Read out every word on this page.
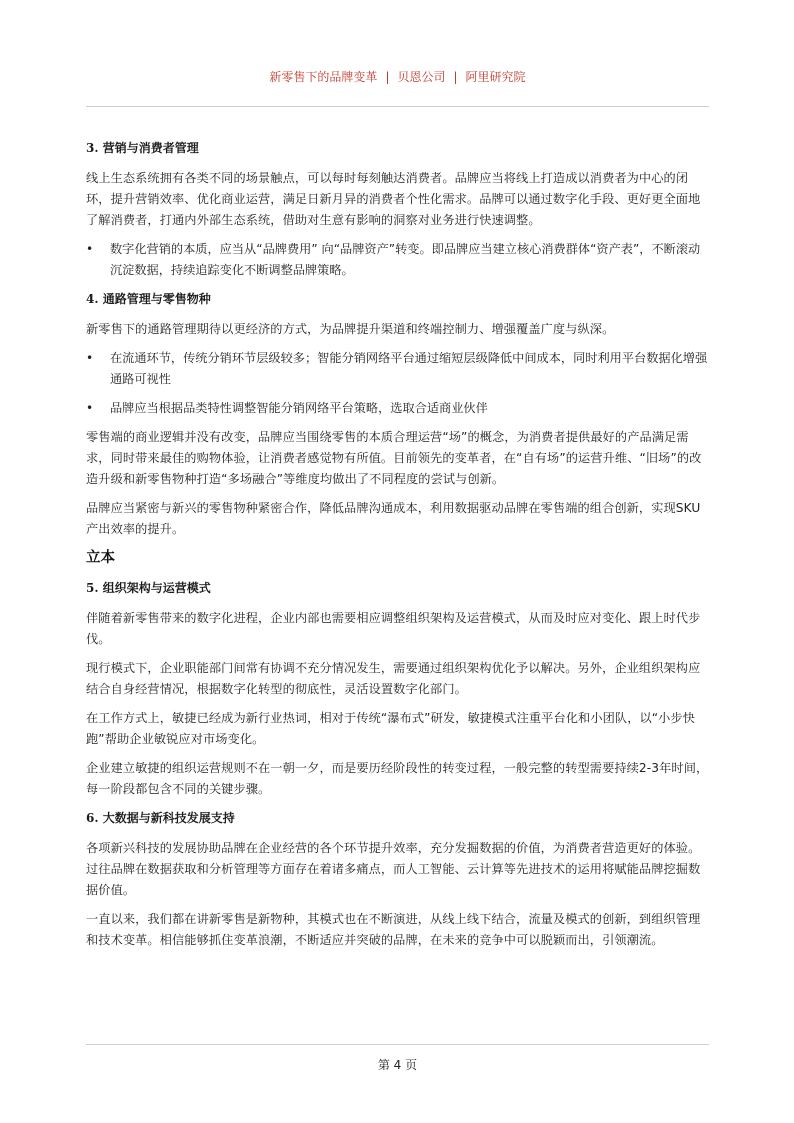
新零售下的品牌变革 | 贝恩公司 | 阿里研究院
3. 营销与消费者管理

线上生态系统拥有各类不同的场景触点，可以每时每刻触达消费者。品牌应当将线上打造成以消费者为中心的闭环，提升营销效率、优化商业运营，满足日新月异的消费者个性化需求。品牌可以通过数字化手段、更好更全面地了解消费者，打通内外部生态系统，借助对生意有影响的洞察对业务进行快速调整。

• 数字化营销的本质，应当从“品牌费用” 向“品牌资产”转变。即品牌应当建立核心消费群体“资产表”，不断滚动沉淀数据，持续追踪变化不断调整品牌策略。
4. 通路管理与零售物种

新零售下的通路管理期待以更经济的方式，为品牌提升渠道和终端控制力、增强覆盖广度与纵深。

• 在流通环节，传统分销环节层级较多；智能分销网络平台通过缩短层级降低中间成本，同时利用平台数据化增强通路可视性
• 品牌应当根据品类特性调整智能分销网络平台策略，选取合适商业伙伴

零售端的商业逻辑并没有改变，品牌应当围绕零售的本质合理运营“场”的概念，为消费者提供最好的产品满足需求，同时带来最佳的购物体验，让消费者感觉物有所值。目前领先的变革者，在“自有场”的运营升维、“旧场”的改造升级和新零售物种打造“多场融合”等维度均做出了不同程度的尝试与创新。

品牌应当紧密与新兴的零售物种紧密合作，降低品牌沟通成本，利用数据驱动品牌在零售端的组合创新，实现SKU产出效率的提升。

立本
5. 组织架构与运营模式

伴随着新零售带来的数字化进程，企业内部也需要相应调整组织架构及运营模式，从而及时应对变化、跟上时代步伐。

现行模式下，企业职能部门间常有协调不充分情况发生，需要通过组织架构优化予以解决。另外，企业组织架构应结合自身经营情况，根据数字化转型的彻底性，灵活设置数字化部门。

在工作方式上，敏捷已经成为新行业热词，相对于传统“瀑布式”研发，敏捷模式注重平台化和小团队，以“小步快跑”帮助企业敏锐应对市场变化。

企业建立敏捷的组织运营规则不在一朝一夕，而是要历经阶段性的转变过程，一般完整的转型需要持续2-3年时间，每一阶段都包含不同的关键步骤。

6. 大数据与新科技发展支持

各项新兴科技的发展协助品牌在企业经营的各个环节提升效率，充分发掘数据的价值，为消费者营造更好的体验。过往品牌在数据获取和分析管理等方面存在着诸多痛点，而人工智能、云计算等先进技术的运用将赋能品牌挖掘数据价值。

一直以来，我们都在讲新零售是新物种，其模式也在不断演进，从线上线下结合，流量及模式的创新，到组织管理和技术变革。相信能够抓住变革浪潮，不断适应并突破的品牌，在未来的竞争中可以脱颖而出，引领潮流。

第 4 页
